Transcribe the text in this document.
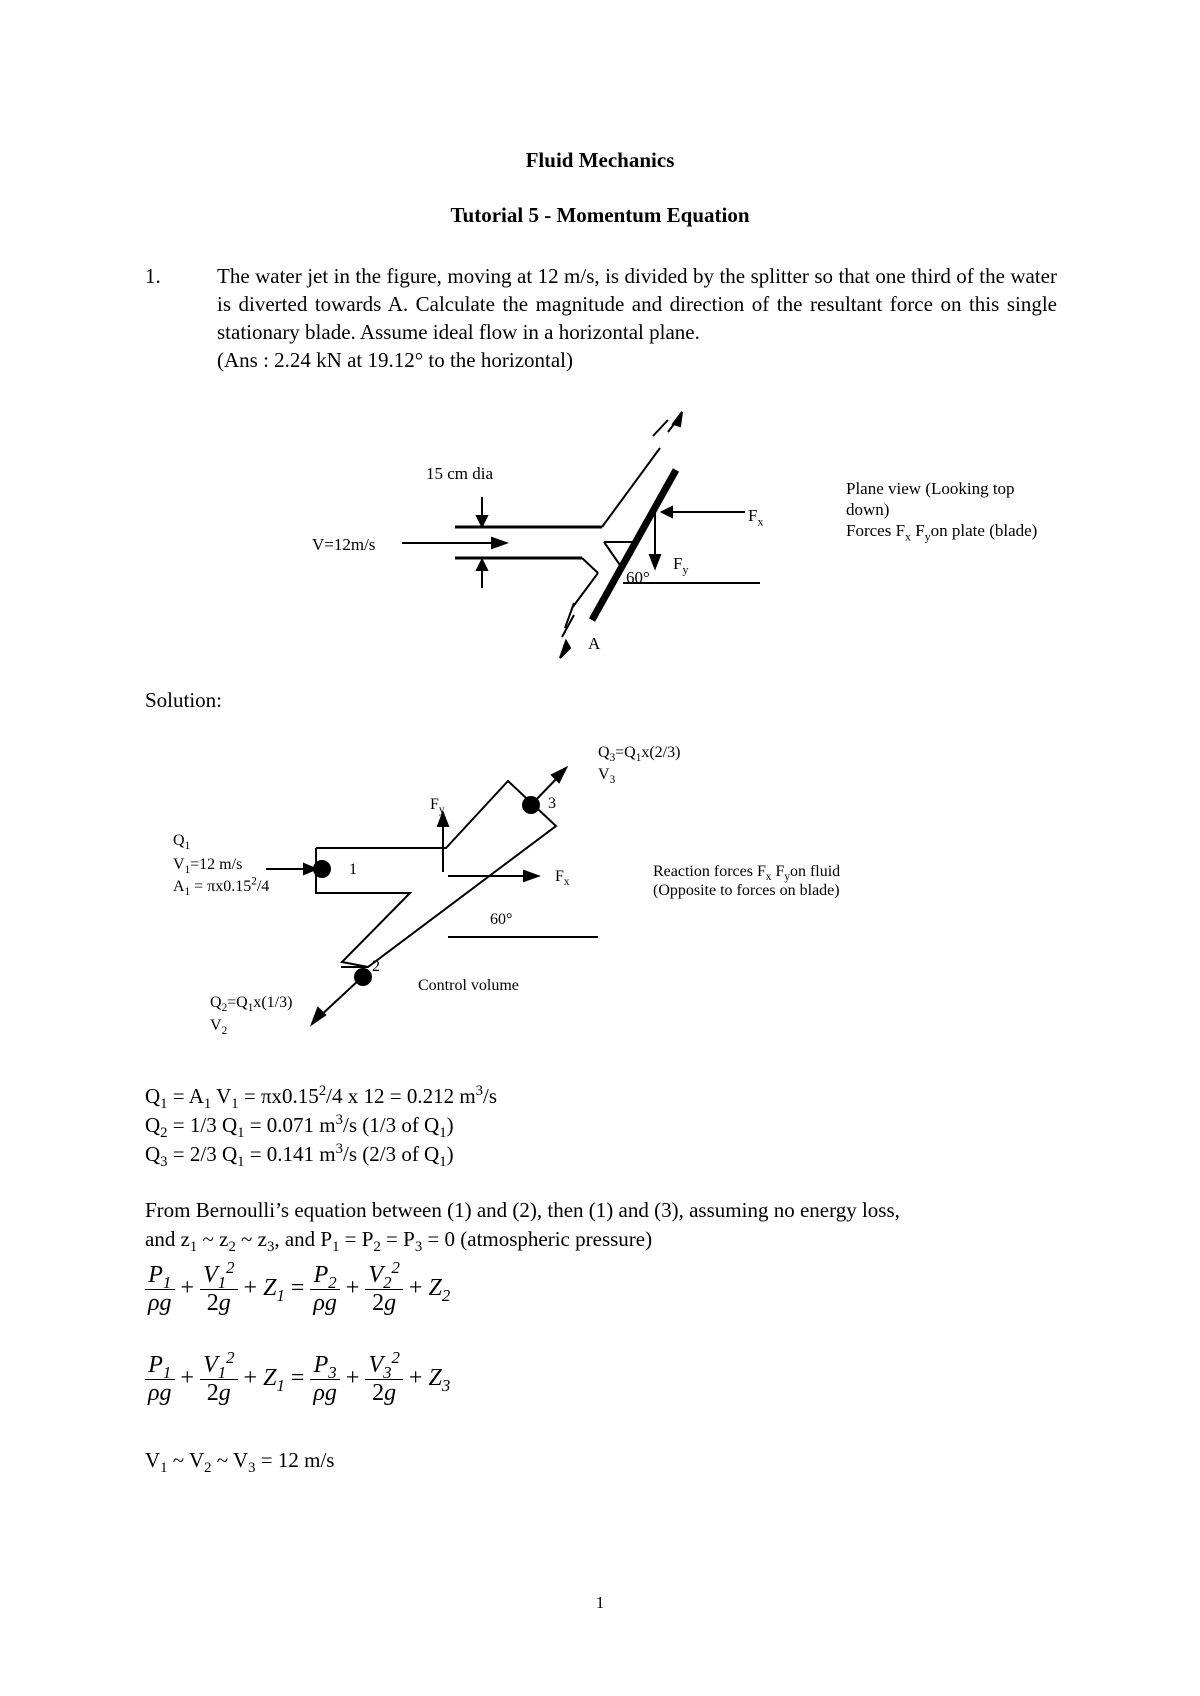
Fluid Mechanics
Tutorial 5 - Momentum Equation
1.	The water jet in the figure, moving at 12 m/s, is divided by the splitter so that one third of the water is diverted towards A. Calculate the magnitude and direction of the resultant force on this single stationary blade. Assume ideal flow in a horizontal plane.

(Ans : 2.24 kN at 19.12° to the horizontal)

15 cm dia
V=12m/s
60°
A
$F_x$
$F_y$
Plane view (Looking top
down)
Forces $F_x$ $F_yon$ plate (blade)
Solution:
$Q_1$
$V_1=12$ m/s
$A_1 = \pi x0.15^2/4$
1
2
3
$Q_3=Q_1x(2/3)$
$V_3$
$Q_2=Q_1x(1/3)$
$V_2$
$F_y$
$F_x$
60°
Control volume
Reaction forces $F_x$ $F_yon$ fluid
(Opposite to forces on blade)
$Q_1 = A_1$ $V_1 = \pi x0.15^2/4$ x 12 = 0.212 $m^3/s$
$Q_2 = 1/3$ $Q_1 = 0.071$ $m^3/s$ (1/3 of $Q_1$)
$Q_3 = 2/3$ $Q_1 = 0.141$ $m^3/s$ (2/3 of $Q_1$)
From Bernoulli’s equation between (1) and (2), then (1) and (3), assuming no energy loss,
and $z_1$ ~ $z_2$ ~ $z_3$, and $P_1 = P_2 = P_3 = 0$ (atmospheric pressure)
$\frac{P_1}{\rho g} + \frac{V_1^2}{2g} + Z_1 = \frac{P_2}{\rho g} + \frac{V_2^2}{2g} + Z_2$
$\frac{P_1}{\rho g} + \frac{V_1^2}{2g} + Z_1 = \frac{P_3}{\rho g} + \frac{V_3^2}{2g} + Z_3$
$V_1$ ~ $V_2$ ~ $V_3 = 12$ m/s
1
